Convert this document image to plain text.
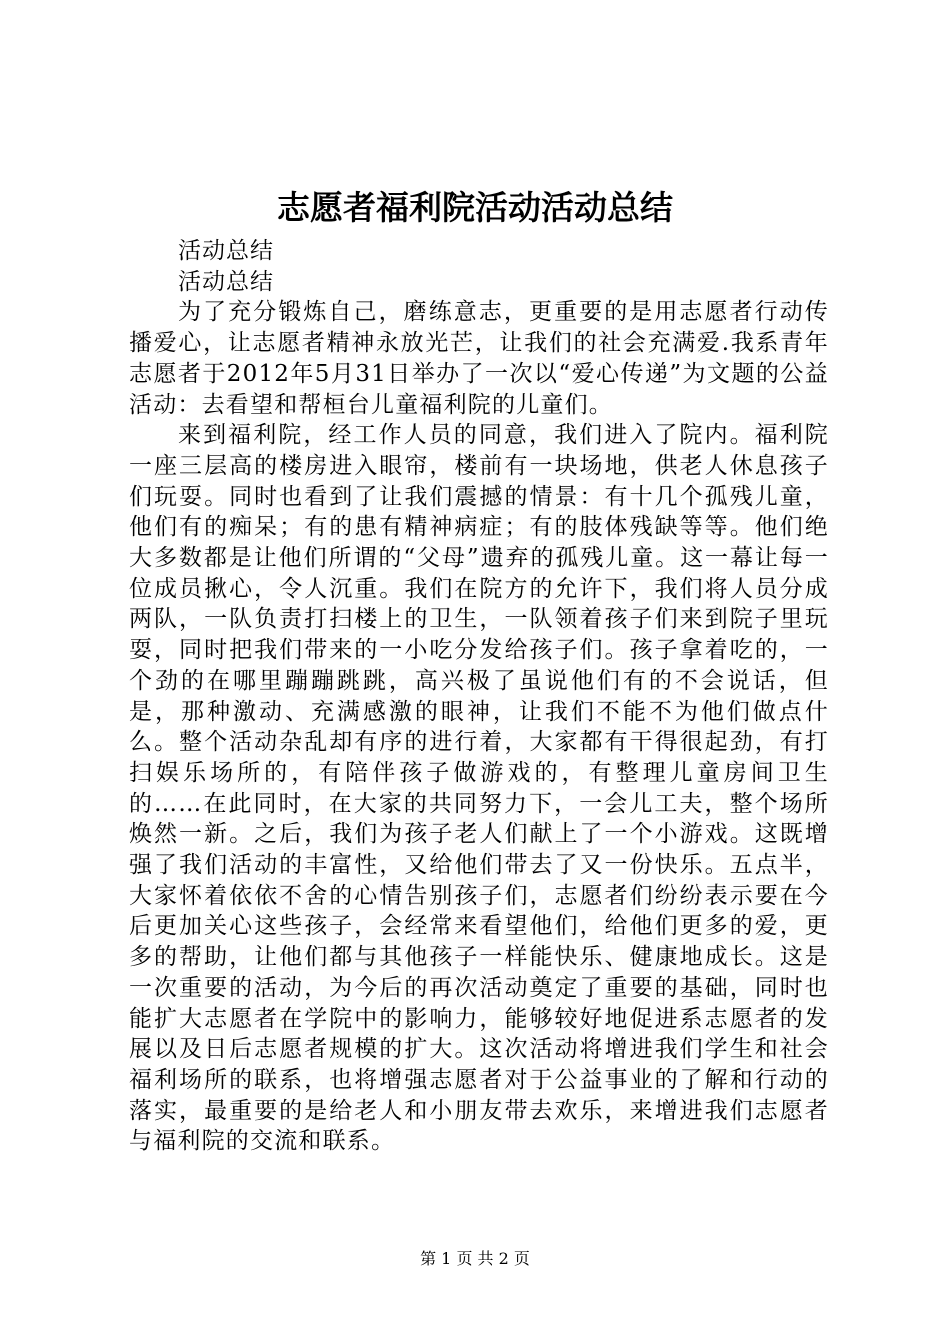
志愿者福利院活动活动总结

活动总结

活动总结

为了充分锻炼自己，磨练意志，更重要的是用志愿者行动传播爱心，让志愿者精神永放光芒，让我们的社会充满爱.我系青年志愿者于2012年5月31日举办了一次以“爱心传递”为文题的公益活动：去看望和帮桓台儿童福利院的儿童们。

来到福利院，经工作人员的同意，我们进入了院内。福利院一座三层高的楼房进入眼帘，楼前有一块场地，供老人休息孩子们玩耍。同时也看到了让我们震撼的情景：有十几个孤残儿童，他们有的痴呆；有的患有精神病症；有的肢体残缺等等。他们绝大多数都是让他们所谓的“父母”遗弃的孤残儿童。这一幕让每一位成员揪心，令人沉重。我们在院方的允许下，我们将人员分成两队，一队负责打扫楼上的卫生，一队领着孩子们来到院子里玩耍，同时把我们带来的一小吃分发给孩子们。孩子拿着吃的，一个劲的在哪里蹦蹦跳跳，高兴极了虽说他们有的不会说话，但是，那种激动、充满感激的眼神，让我们不能不为他们做点什么。整个活动杂乱却有序的进行着，大家都有干得很起劲，有打扫娱乐场所的，有陪伴孩子做游戏的，有整理儿童房间卫生的……在此同时，在大家的共同努力下，一会儿工夫，整个场所焕然一新。之后，我们为孩子老人们献上了一个小游戏。这既增强了我们活动的丰富性，又给他们带去了又一份快乐。五点半，大家怀着依依不舍的心情告别孩子们，志愿者们纷纷表示要在今后更加关心这些孩子，会经常来看望他们，给他们更多的爱，更多的帮助，让他们都与其他孩子一样能快乐、健康地成长。这是一次重要的活动，为今后的再次活动奠定了重要的基础，同时也能扩大志愿者在学院中的影响力，能够较好地促进系志愿者的发展以及日后志愿者规模的扩大。这次活动将增进我们学生和社会福利场所的联系，也将增强志愿者对于公益事业的了解和行动的落实，最重要的是给老人和小朋友带去欢乐，来增进我们志愿者与福利院的交流和联系。

第 1 页 共 2 页
